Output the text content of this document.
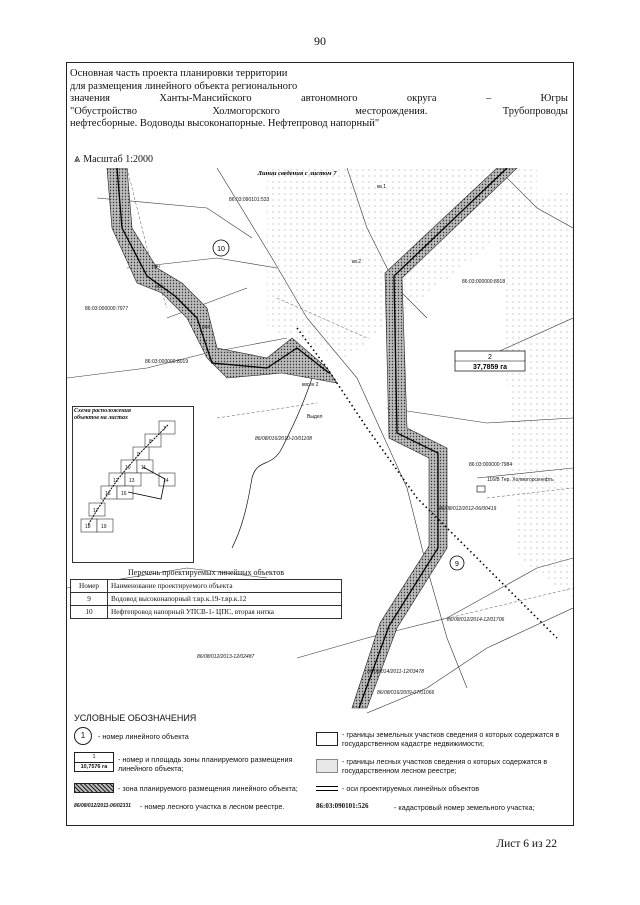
90
Основная часть проекта планировки территории
для размещения линейного объекта регионального
значения	Ханты-Мансийского	автономного	округа	–	Югры
"Обустройство	Холмогорского	месторождения.	Трубопроводы
нефтесборные. Водоводы высоконапорные. Нефтепровод напорный"
⩓ Масштаб 1:2000
10
9
2
37,7859 га
Линии сведения с листом 7
86:03:090101:533
86:03:000000:8918
86:03:000000:7977
86:03:000000:8019
86/08/016/2010-10/01108
86:03:000000:7984
86/08/012/2012-06/00419
86/08/012/2014-12/01706
86/08/012/2013-12/02487
86/08/014/2011-12/03478
86/08/016/2009-07/01066
кв.1
кв.2
квсек 2
Выдел
пвч
оба
раз
116/В Тер. Холмогорскнефть
7
8
9
10 11
12 13	14
15 16
17
18 19
Схема расположения объектов на листах
Перечень проектируемых линейных объектов
Номер	Наименование проектируемого объекта
9	Водовод высоконапорный т.вр.к.19-т.вр.к.12
10	Нефтепровод напорный УПСВ-1- ЦПС, вторая нитка
УСЛОВНЫЕ ОБОЗНАЧЕНИЯ
1	- номер линейного объекта
1
10,7576 га
- номер и площадь зоны планируемого размещения линейного объекта;
- зона планируемого размещения линейного объекта;
86/08/012/2011-06/02331 - номер лесного участка в лесном реестре.
- границы земельных участков сведения о которых содержатся в государственном кадастре недвижимости;
- границы лесных участков сведения о которых содержатся в государственном лесном реестре;
- оси проектируемых линейных объектов
86:03:090101:526	- кадастровый номер земельного участка;
Лист 6 из 22
